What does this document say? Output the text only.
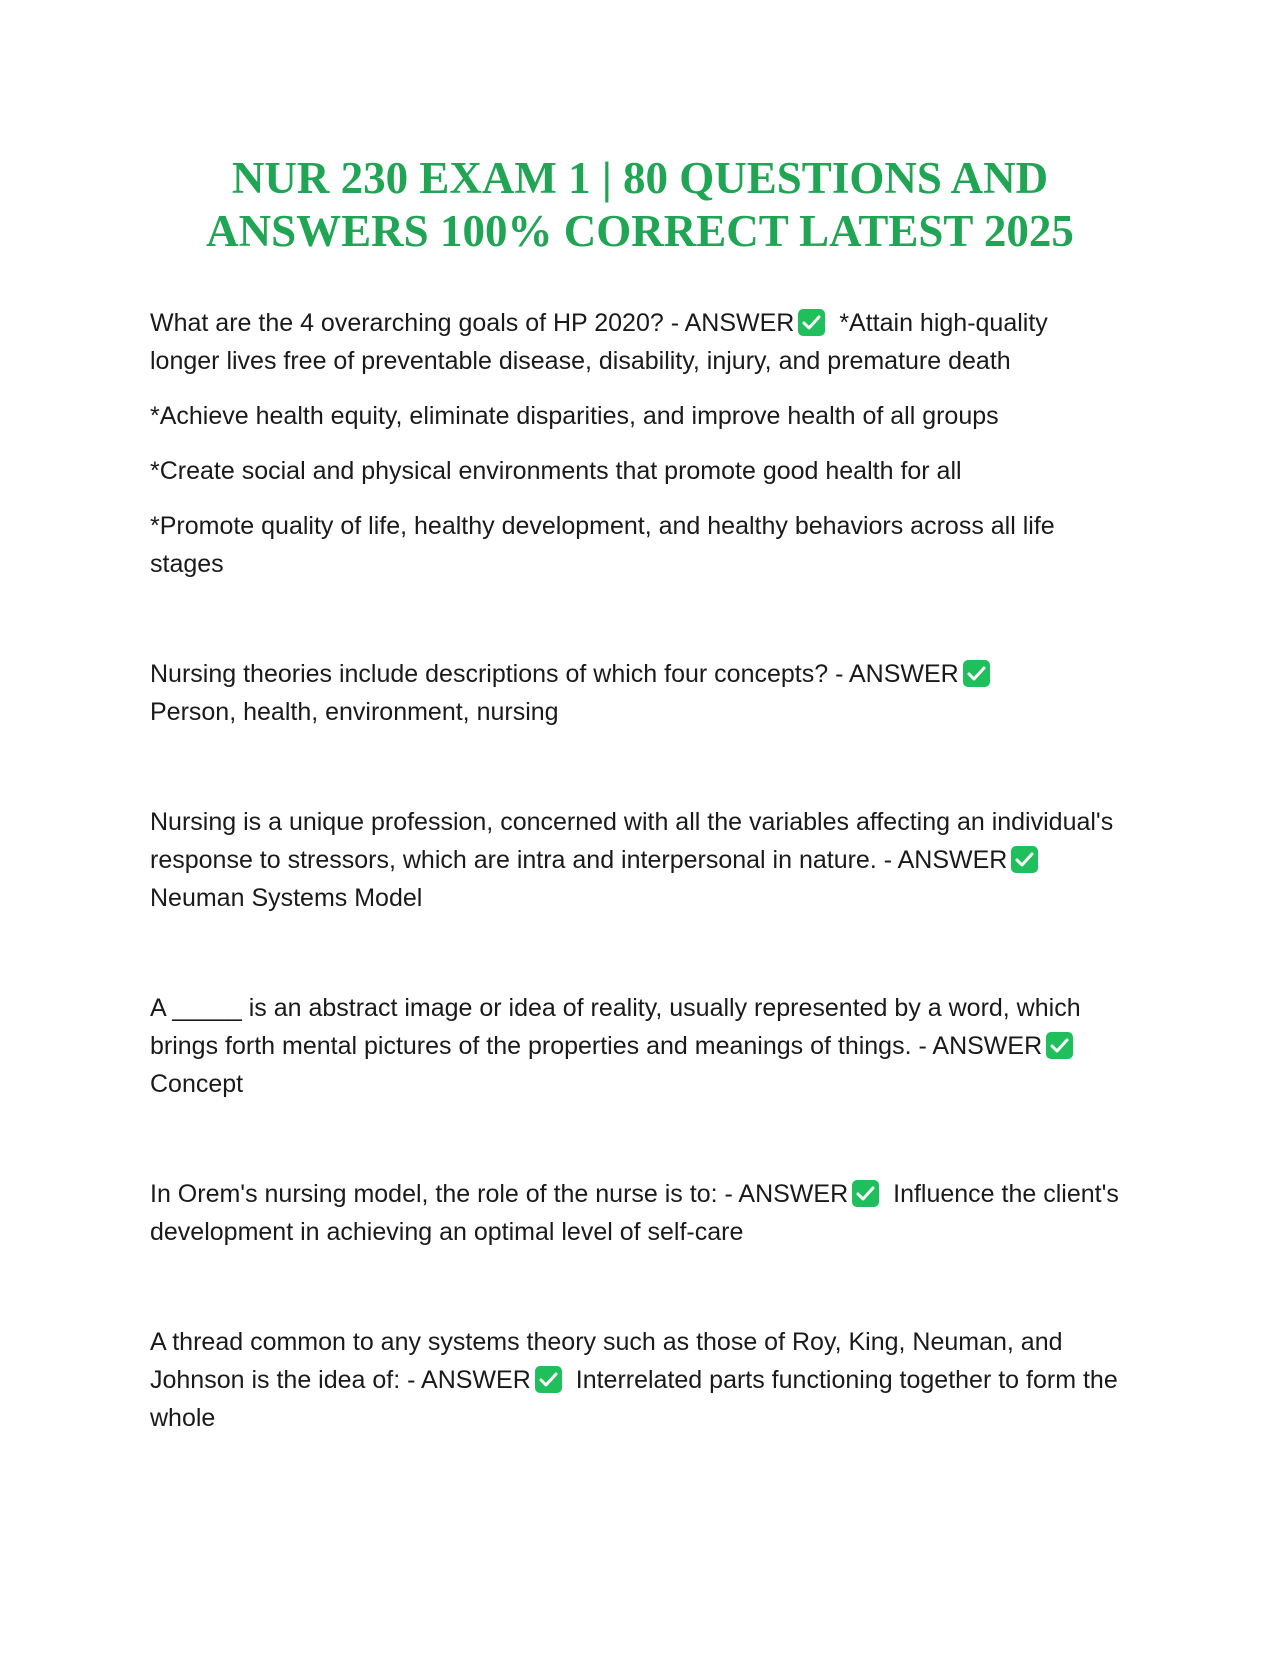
NUR 230 EXAM 1 | 80 QUESTIONS AND
ANSWERS 100% CORRECT LATEST 2025

What are the 4 overarching goals of HP 2020? - ANSWER *Attain high-quality longer lives free of preventable disease, disability, injury, and premature death

*Achieve health equity, eliminate disparities, and improve health of all groups

*Create social and physical environments that promote good health for all

*Promote quality of life, healthy development, and healthy behaviors across all life stages

Nursing theories include descriptions of which four concepts? - ANSWER

Person, health, environment, nursing

Nursing is a unique profession, concerned with all the variables affecting an individual's response to stressors, which are intra and interpersonal in nature. - ANSWER
Neuman Systems Model

A _____ is an abstract image or idea of reality, usually represented by a word, which brings forth mental pictures of the properties and meanings of things. - ANSWER
Concept

In Orem's nursing model, the role of the nurse is to: - ANSWER Influence the client's development in achieving an optimal level of self-care

A thread common to any systems theory such as those of Roy, King, Neuman, and Johnson is the idea of: - ANSWER Interrelated parts functioning together to form the whole
